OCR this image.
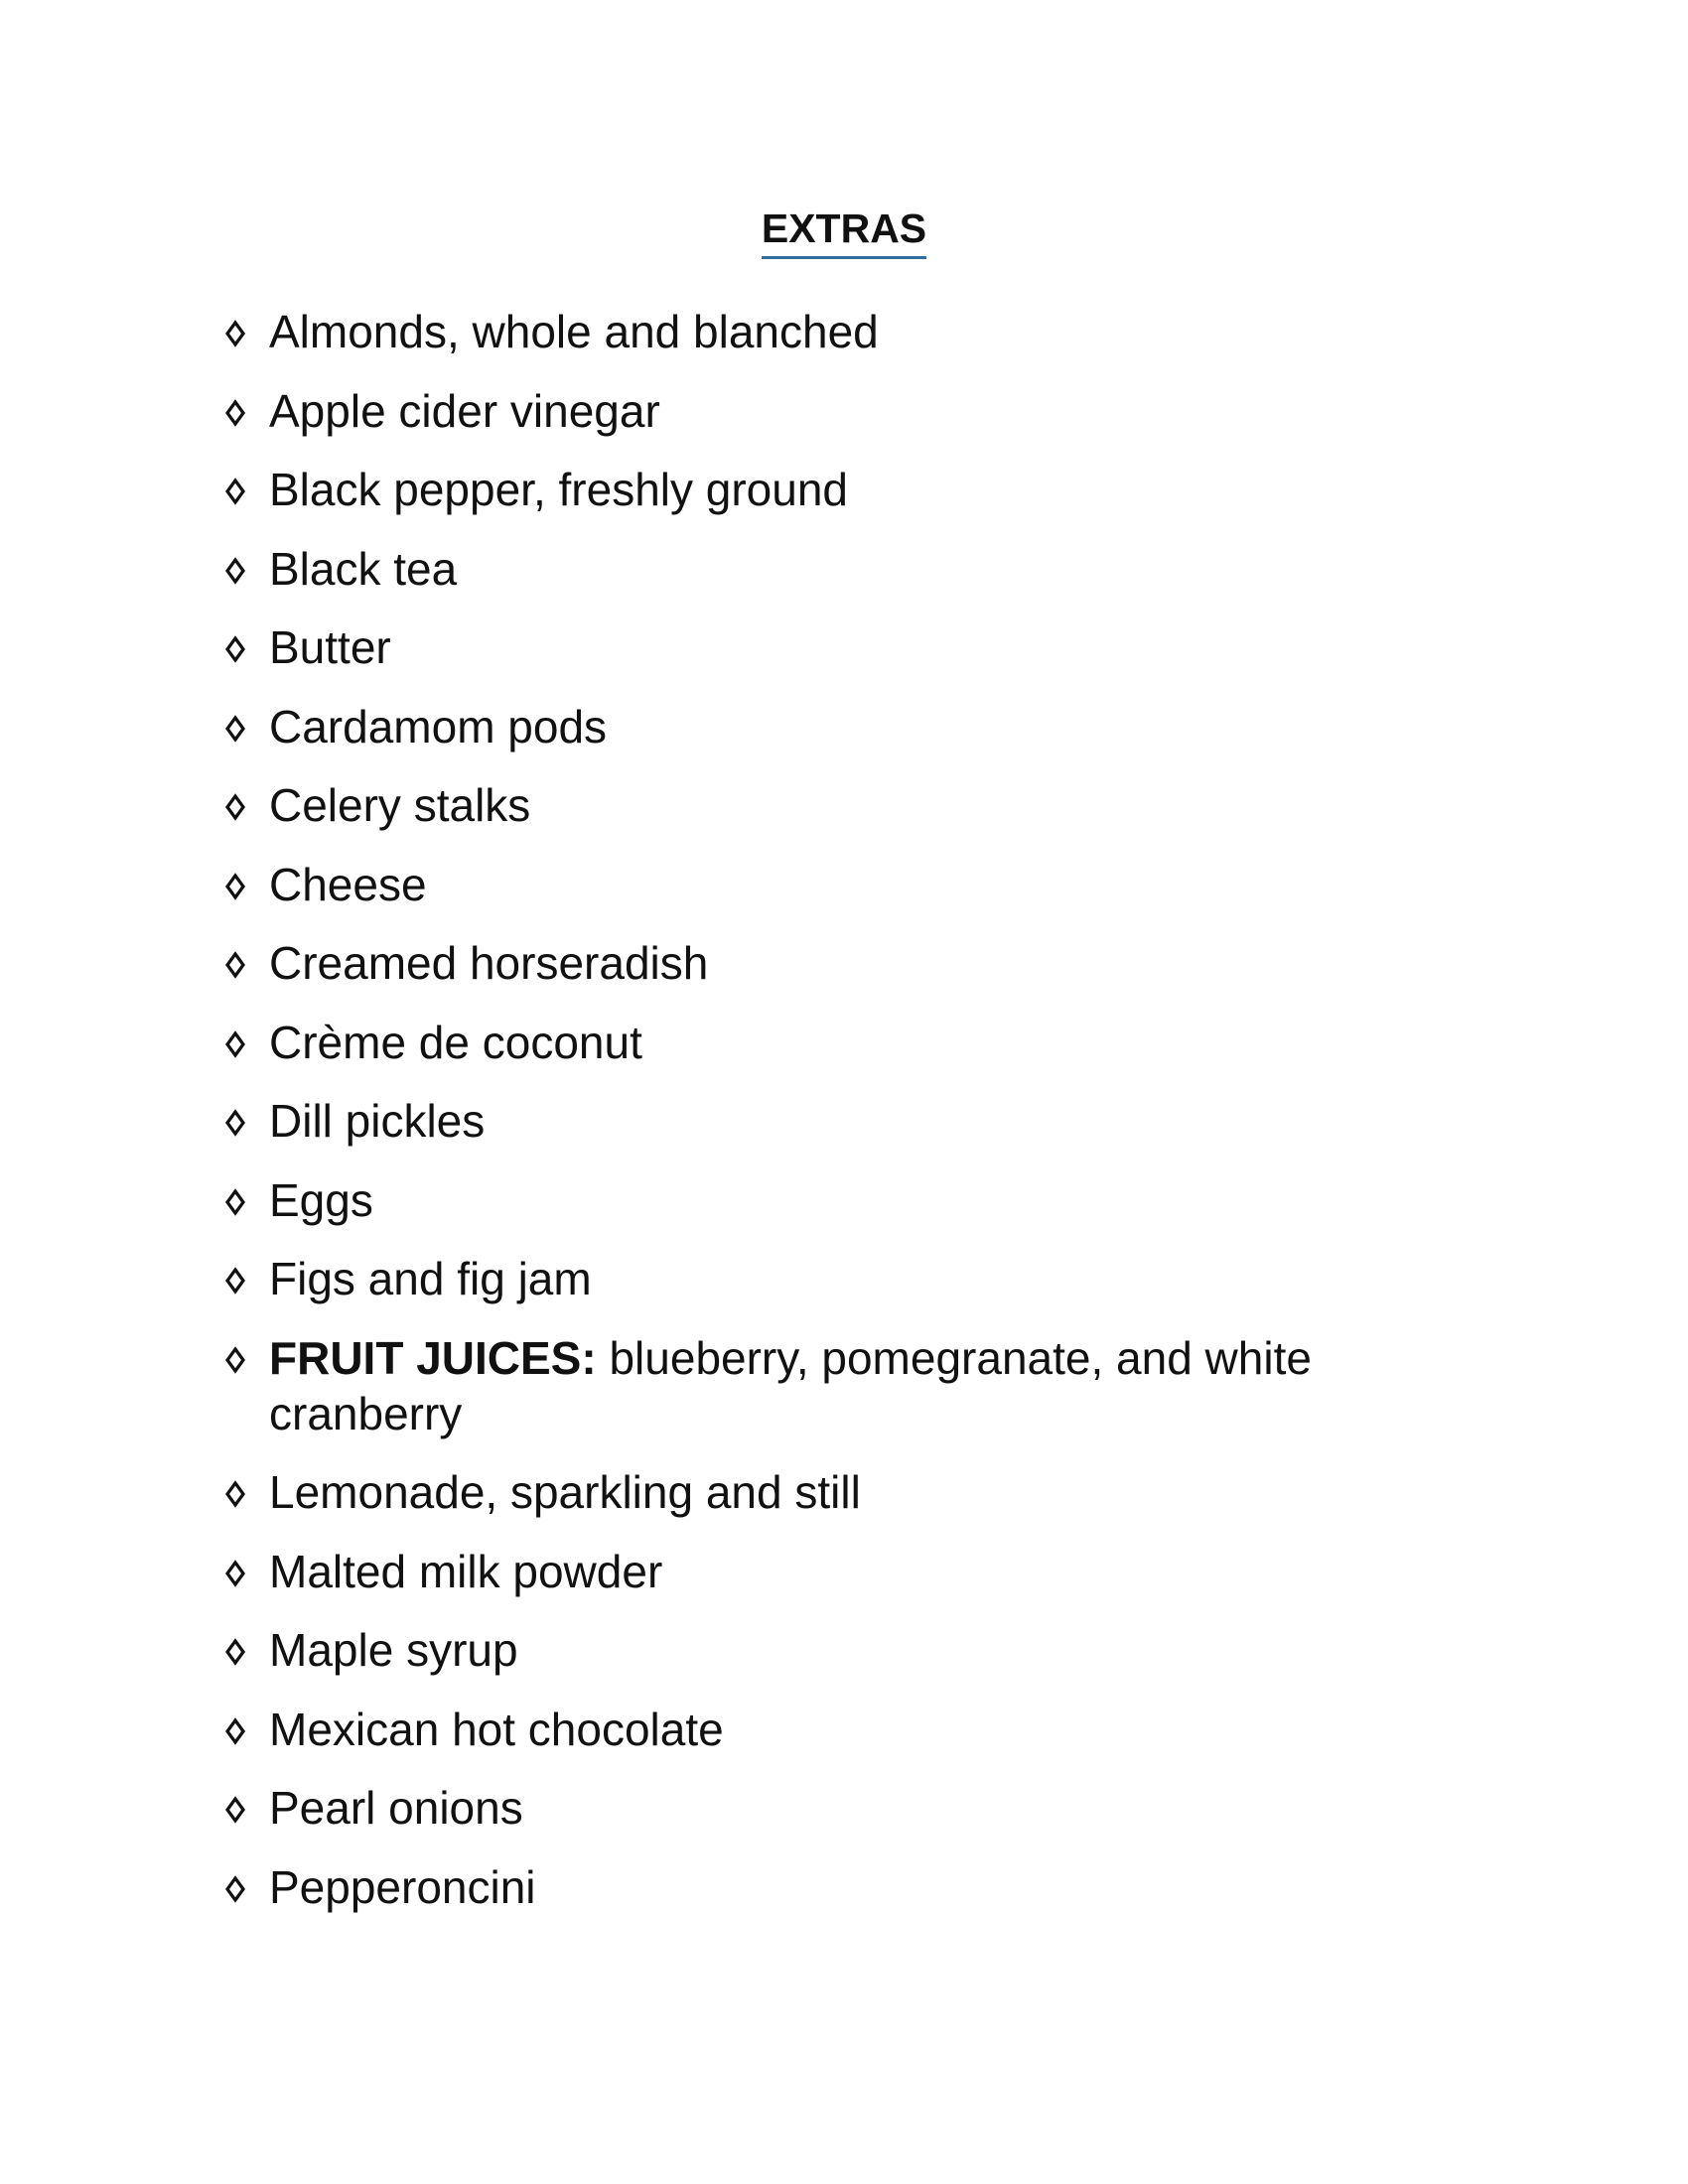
EXTRAS
Almonds, whole and blanched
Apple cider vinegar
Black pepper, freshly ground
Black tea
Butter
Cardamom pods
Celery stalks
Cheese
Creamed horseradish
Crème de coconut
Dill pickles
Eggs
Figs and fig jam
FRUIT JUICES: blueberry, pomegranate, and white cranberry
Lemonade, sparkling and still
Malted milk powder
Maple syrup
Mexican hot chocolate
Pearl onions
Pepperoncini
